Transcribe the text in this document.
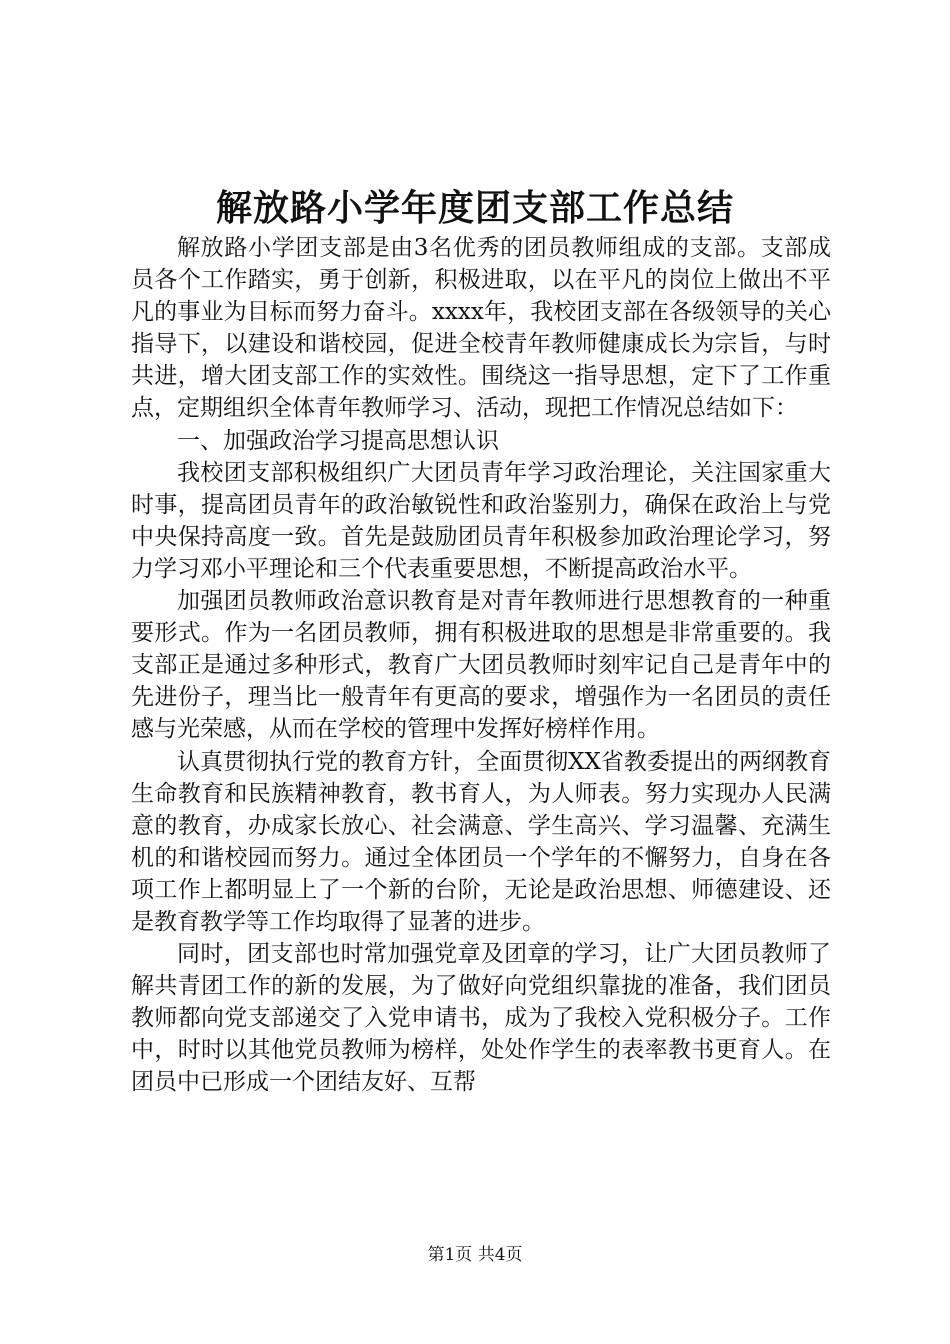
解放路小学年度团支部工作总结

解放路小学团支部是由3名优秀的团员教师组成的支部。支部成员各个工作踏实，勇于创新，积极进取，以在平凡的岗位上做出不平凡的事业为目标而努力奋斗。xxxx年，我校团支部在各级领导的关心指导下，以建设和谐校园，促进全校青年教师健康成长为宗旨，与时共进，增大团支部工作的实效性。围绕这一指导思想，定下了工作重点，定期组织全体青年教师学习、活动，现把工作情况总结如下：

一、加强政治学习提高思想认识

我校团支部积极组织广大团员青年学习政治理论，关注国家重大时事，提高团员青年的政治敏锐性和政治鉴别力，确保在政治上与党中央保持高度一致。首先是鼓励团员青年积极参加政治理论学习，努力学习邓小平理论和三个代表重要思想，不断提高政治水平。

加强团员教师政治意识教育是对青年教师进行思想教育的一种重要形式。作为一名团员教师，拥有积极进取的思想是非常重要的。我支部正是通过多种形式，教育广大团员教师时刻牢记自己是青年中的先进份子，理当比一般青年有更高的要求，增强作为一名团员的责任感与光荣感，从而在学校的管理中发挥好榜样作用。

认真贯彻执行党的教育方针，全面贯彻XX省教委提出的两纲教育生命教育和民族精神教育，教书育人，为人师表。努力实现办人民满意的教育，办成家长放心、社会满意、学生高兴、学习温馨、充满生机的和谐校园而努力。通过全体团员一个学年的不懈努力，自身在各项工作上都明显上了一个新的台阶，无论是政治思想、师德建设、还是教育教学等工作均取得了显著的进步。

同时，团支部也时常加强党章及团章的学习，让广大团员教师了解共青团工作的新的发展，为了做好向党组织靠拢的准备，我们团员教师都向党支部递交了入党申请书，成为了我校入党积极分子。工作中，时时以其他党员教师为榜样，处处作学生的表率教书更育人。在团员中已形成一个团结友好、互帮

第1页 共4页
